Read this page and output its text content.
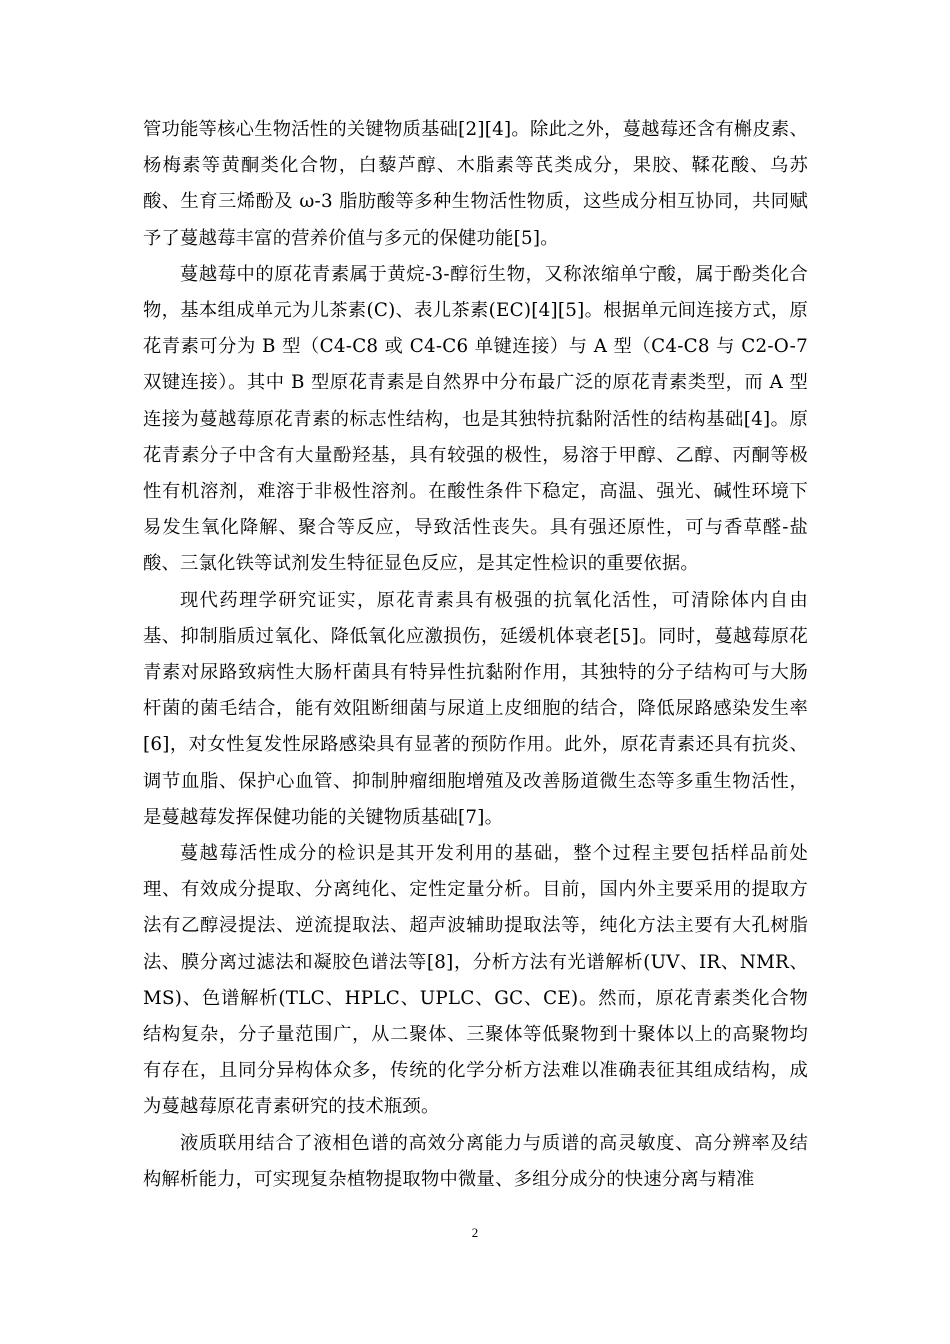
管功能等核心生物活性的关键物质基础[2][4]。除此之外，蔓越莓还含有槲皮素、杨梅素等黄酮类化合物，白藜芦醇、木脂素等芪类成分，果胶、鞣花酸、乌苏酸、生育三烯酚及 ω-3 脂肪酸等多种生物活性物质，这些成分相互协同，共同赋予了蔓越莓丰富的营养价值与多元的保健功能[5]。

蔓越莓中的原花青素属于黄烷-3-醇衍生物，又称浓缩单宁酸，属于酚类化合物，基本组成单元为儿茶素(C)、表儿茶素(EC)[4][5]。根据单元间连接方式，原花青素可分为 B 型（C4-C8 或 C4-C6 单键连接）与 A 型（C4-C8 与 C2-O-7 双键连接）。其中 B 型原花青素是自然界中分布最广泛的原花青素类型，而 A 型连接为蔓越莓原花青素的标志性结构，也是其独特抗黏附活性的结构基础[4]。原花青素分子中含有大量酚羟基，具有较强的极性，易溶于甲醇、乙醇、丙酮等极性有机溶剂，难溶于非极性溶剂。在酸性条件下稳定，高温、强光、碱性环境下易发生氧化降解、聚合等反应，导致活性丧失。具有强还原性，可与香草醛-盐酸、三氯化铁等试剂发生特征显色反应，是其定性检识的重要依据。

现代药理学研究证实，原花青素具有极强的抗氧化活性，可清除体内自由基、抑制脂质过氧化、降低氧化应激损伤，延缓机体衰老[5]。同时，蔓越莓原花青素对尿路致病性大肠杆菌具有特异性抗黏附作用，其独特的分子结构可与大肠杆菌的菌毛结合，能有效阻断细菌与尿道上皮细胞的结合，降低尿路感染发生率[6]，对女性复发性尿路感染具有显著的预防作用。此外，原花青素还具有抗炎、调节血脂、保护心血管、抑制肿瘤细胞增殖及改善肠道微生态等多重生物活性，是蔓越莓发挥保健功能的关键物质基础[7]。

蔓越莓活性成分的检识是其开发利用的基础，整个过程主要包括样品前处理、有效成分提取、分离纯化、定性定量分析。目前，国内外主要采用的提取方法有乙醇浸提法、逆流提取法、超声波辅助提取法等，纯化方法主要有大孔树脂法、膜分离过滤法和凝胶色谱法等[8]，分析方法有光谱解析(UV、IR、NMR、MS)、色谱解析(TLC、HPLC、UPLC、GC、CE)。然而，原花青素类化合物结构复杂，分子量范围广，从二聚体、三聚体等低聚物到十聚体以上的高聚物均有存在，且同分异构体众多，传统的化学分析方法难以准确表征其组成结构，成为蔓越莓原花青素研究的技术瓶颈。

液质联用结合了液相色谱的高效分离能力与质谱的高灵敏度、高分辨率及结构解析能力，可实现复杂植物提取物中微量、多组分成分的快速分离与精准

2
